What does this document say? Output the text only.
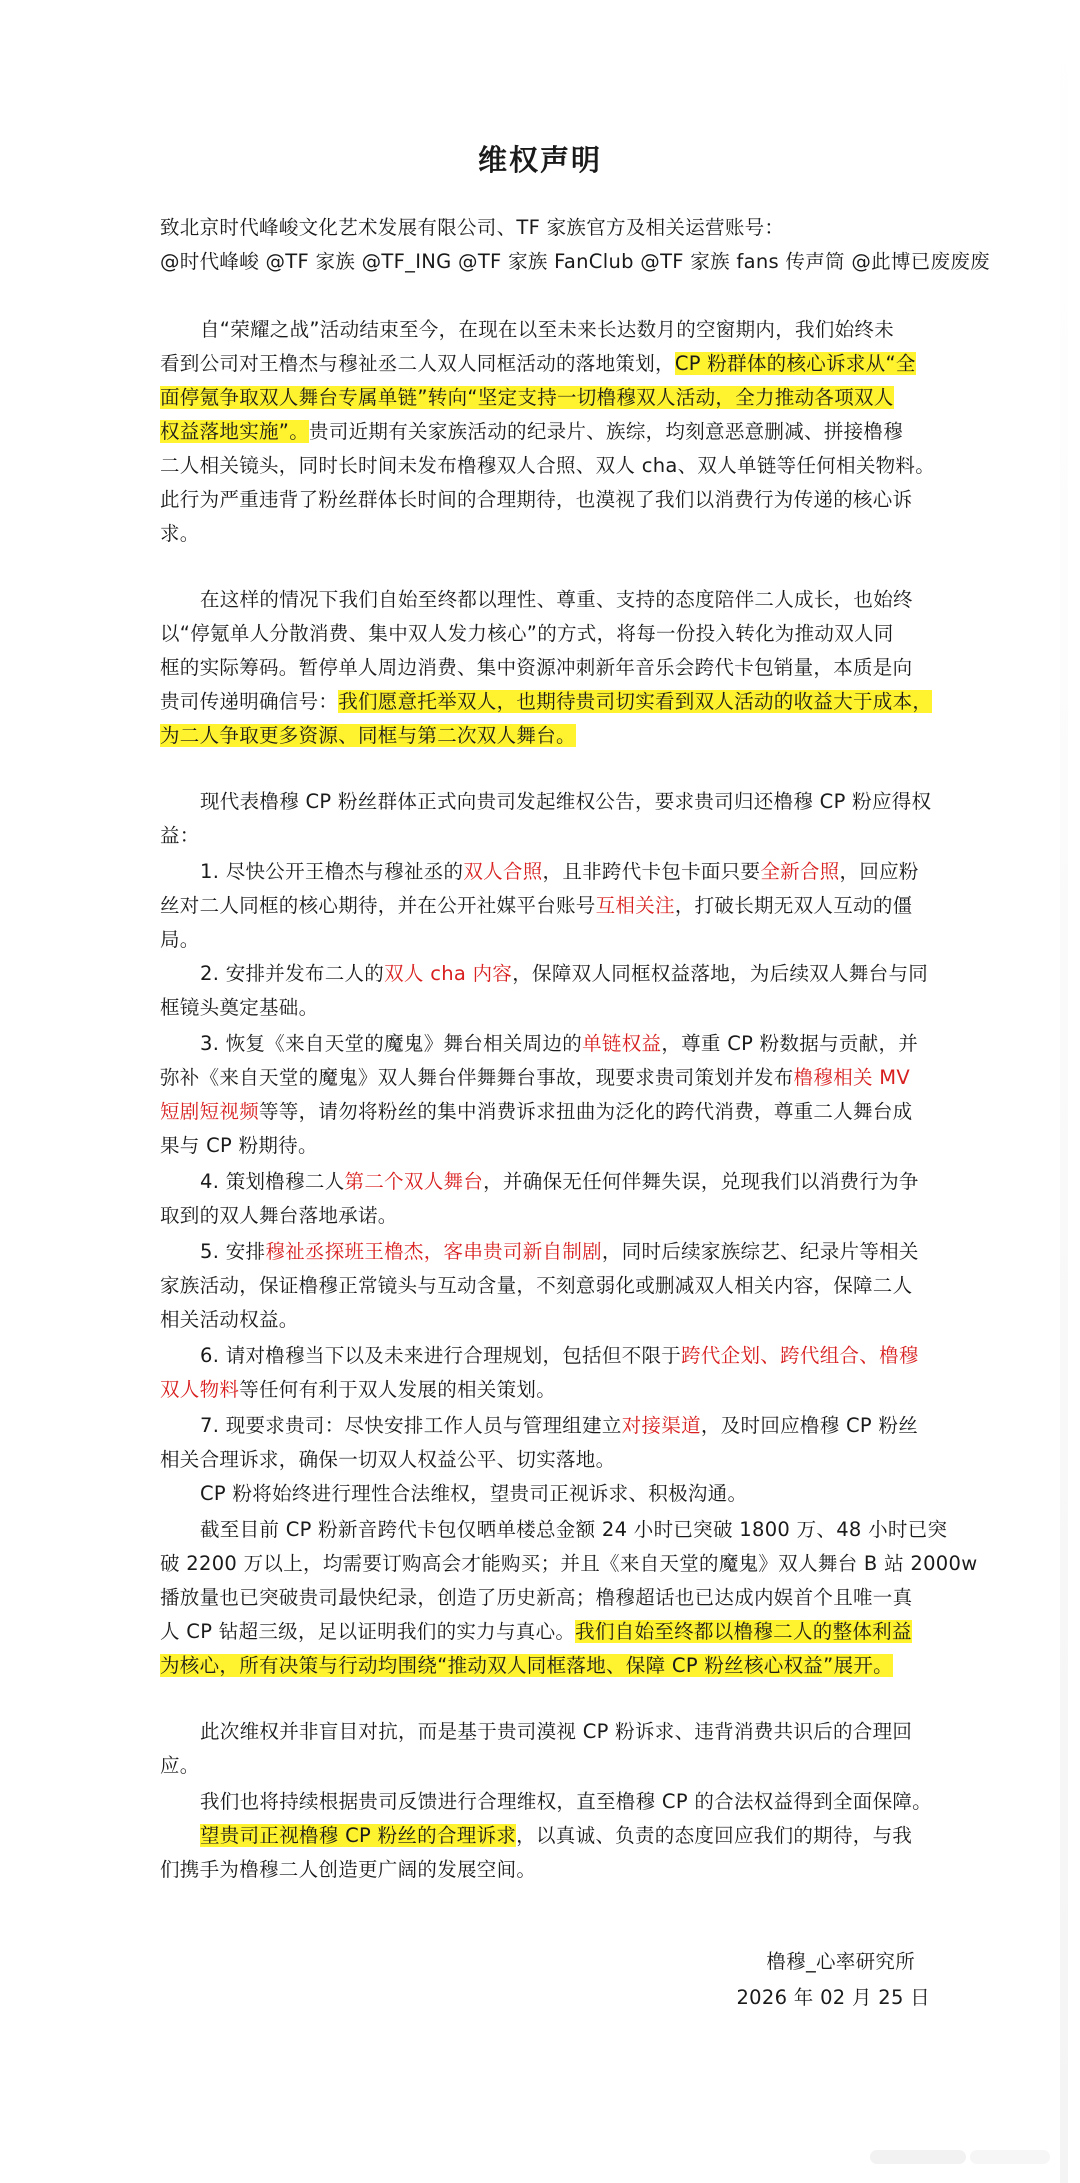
维权声明
致北京时代峰峻文化艺术发展有限公司、TF 家族官方及相关运营账号：
@时代峰峻 @TF 家族 @TF_ING @TF 家族 FanClub @TF 家族 fans 传声筒 @此博已废废废
自“荣耀之战”活动结束至今，在现在以至未来长达数月的空窗期内，我们始终未
看到公司对王橹杰与穆祉丞二人双人同框活动的落地策划，CP 粉群体的核心诉求从“全
面停氪争取双人舞台专属单链”转向“坚定支持一切橹穆双人活动，全力推动各项双人
权益落地实施”。贵司近期有关家族活动的纪录片、族综，均刻意恶意删减、拼接橹穆
二人相关镜头，同时长时间未发布橹穆双人合照、双人 cha、双人单链等任何相关物料。
此行为严重违背了粉丝群体长时间的合理期待，也漠视了我们以消费行为传递的核心诉
求。
在这样的情况下我们自始至终都以理性、尊重、支持的态度陪伴二人成长，也始终
以“停氪单人分散消费、集中双人发力核心”的方式，将每一份投入转化为推动双人同
框的实际筹码。暂停单人周边消费、集中资源冲刺新年音乐会跨代卡包销量，本质是向
贵司传递明确信号：我们愿意托举双人，也期待贵司切实看到双人活动的收益大于成本，
为二人争取更多资源、同框与第二次双人舞台。
现代表橹穆 CP 粉丝群体正式向贵司发起维权公告，要求贵司归还橹穆 CP 粉应得权
益：
1. 尽快公开王橹杰与穆祉丞的双人合照，且非跨代卡包卡面只要全新合照，回应粉
丝对二人同框的核心期待，并在公开社媒平台账号互相关注，打破长期无双人互动的僵
局。
2. 安排并发布二人的双人 cha 内容，保障双人同框权益落地，为后续双人舞台与同
框镜头奠定基础。
3. 恢复《来自天堂的魔鬼》舞台相关周边的单链权益，尊重 CP 粉数据与贡献，并
弥补《来自天堂的魔鬼》双人舞台伴舞舞台事故，现要求贵司策划并发布橹穆相关 MV
短剧短视频等等，请勿将粉丝的集中消费诉求扭曲为泛化的跨代消费，尊重二人舞台成
果与 CP 粉期待。
4. 策划橹穆二人第二个双人舞台，并确保无任何伴舞失误，兑现我们以消费行为争
取到的双人舞台落地承诺。
5. 安排穆祉丞探班王橹杰，客串贵司新自制剧，同时后续家族综艺、纪录片等相关
家族活动，保证橹穆正常镜头与互动含量，不刻意弱化或删减双人相关内容，保障二人
相关活动权益。
6. 请对橹穆当下以及未来进行合理规划，包括但不限于跨代企划、跨代组合、橹穆
双人物料等任何有利于双人发展的相关策划。
7. 现要求贵司：尽快安排工作人员与管理组建立对接渠道，及时回应橹穆 CP 粉丝
相关合理诉求，确保一切双人权益公平、切实落地。
CP 粉将始终进行理性合法维权，望贵司正视诉求、积极沟通。
截至目前 CP 粉新音跨代卡包仅晒单楼总金额 24 小时已突破 1800 万、48 小时已突
破 2200 万以上，均需要订购高会才能购买；并且《来自天堂的魔鬼》双人舞台 B 站 2000w
播放量也已突破贵司最快纪录，创造了历史新高；橹穆超话也已达成内娱首个且唯一真
人 CP 钻超三级，足以证明我们的实力与真心。我们自始至终都以橹穆二人的整体利益
为核心，所有决策与行动均围绕“推动双人同框落地、保障 CP 粉丝核心权益”展开。
此次维权并非盲目对抗，而是基于贵司漠视 CP 粉诉求、违背消费共识后的合理回
应。
我们也将持续根据贵司反馈进行合理维权，直至橹穆 CP 的合法权益得到全面保障。
望贵司正视橹穆 CP 粉丝的合理诉求，以真诚、负责的态度回应我们的期待，与我
们携手为橹穆二人创造更广阔的发展空间。
橹穆_心率研究所
2026 年 02 月 25 日
